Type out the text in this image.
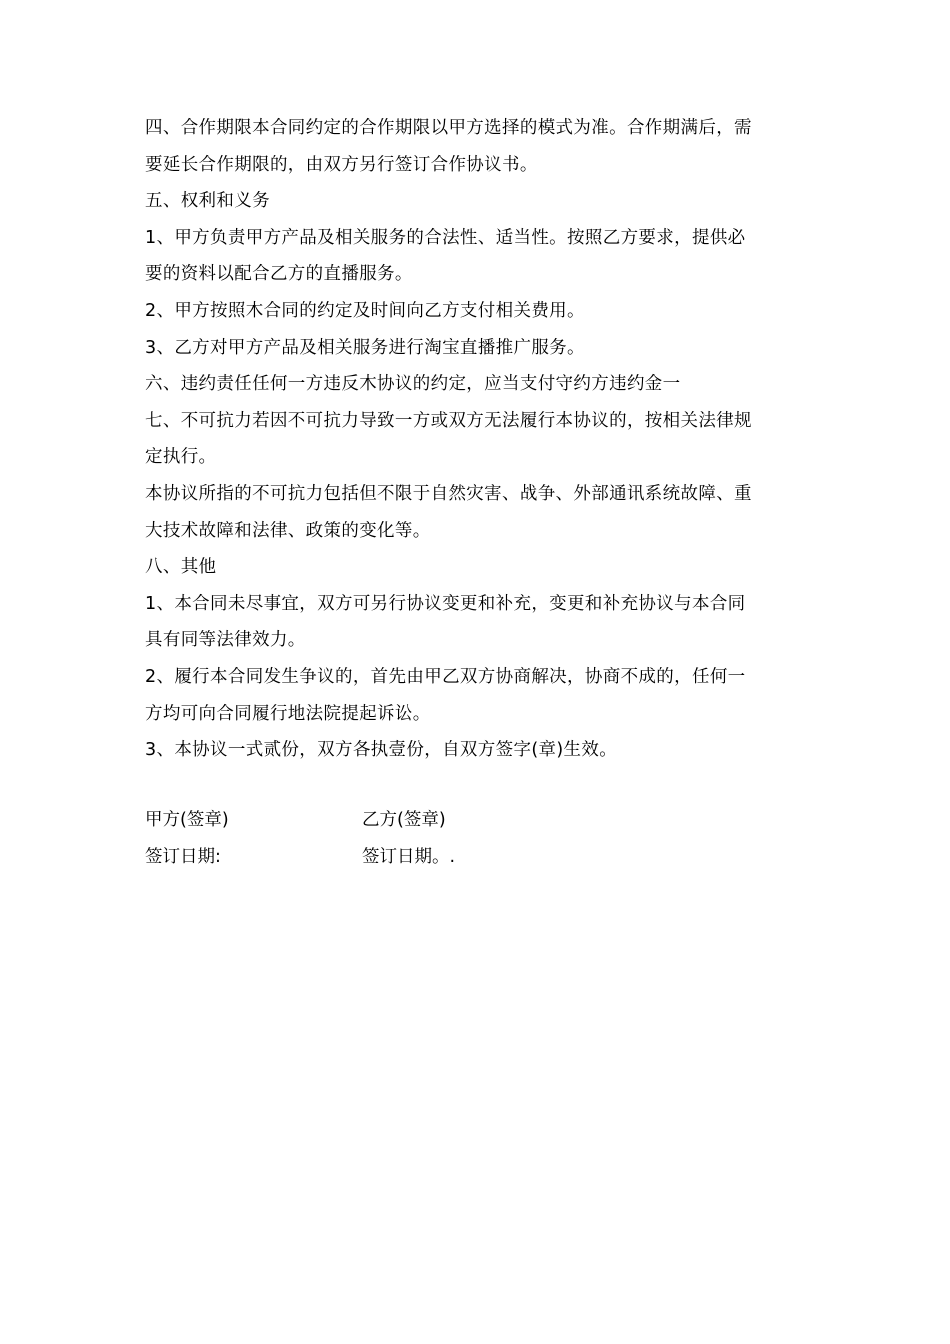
四、合作期限本合同约定的合作期限以甲方选择的模式为准。合作期满后，需
要延长合作期限的，由双方另行签订合作协议书。
五、权利和义务
1、甲方负责甲方产品及相关服务的合法性、适当性。按照乙方要求，提供必
要的资料以配合乙方的直播服务。
2、甲方按照木合同的约定及时间向乙方支付相关费用。
3、乙方对甲方产品及相关服务进行淘宝直播推广服务。
六、违约责任任何一方违反木协议的约定，应当支付守约方违约金一
七、不可抗力若因不可抗力导致一方或双方无法履行本协议的，按相关法律规
定执行。
本协议所指的不可抗力包括但不限于自然灾害、战争、外部通讯系统故障、重
大技术故障和法律、政策的变化等。
八、其他
1、本合同未尽事宜，双方可另行协议变更和补充，变更和补充协议与本合同
具有同等法律效力。
2、履行本合同发生争议的，首先由甲乙双方协商解决，协商不成的，任何一
方均可向合同履行地法院提起诉讼。
3、本协议一式贰份，双方各执壹份，自双方签字(章)生效。
甲方(签章)	乙方(签章)
签订日期:	签订日期。.
